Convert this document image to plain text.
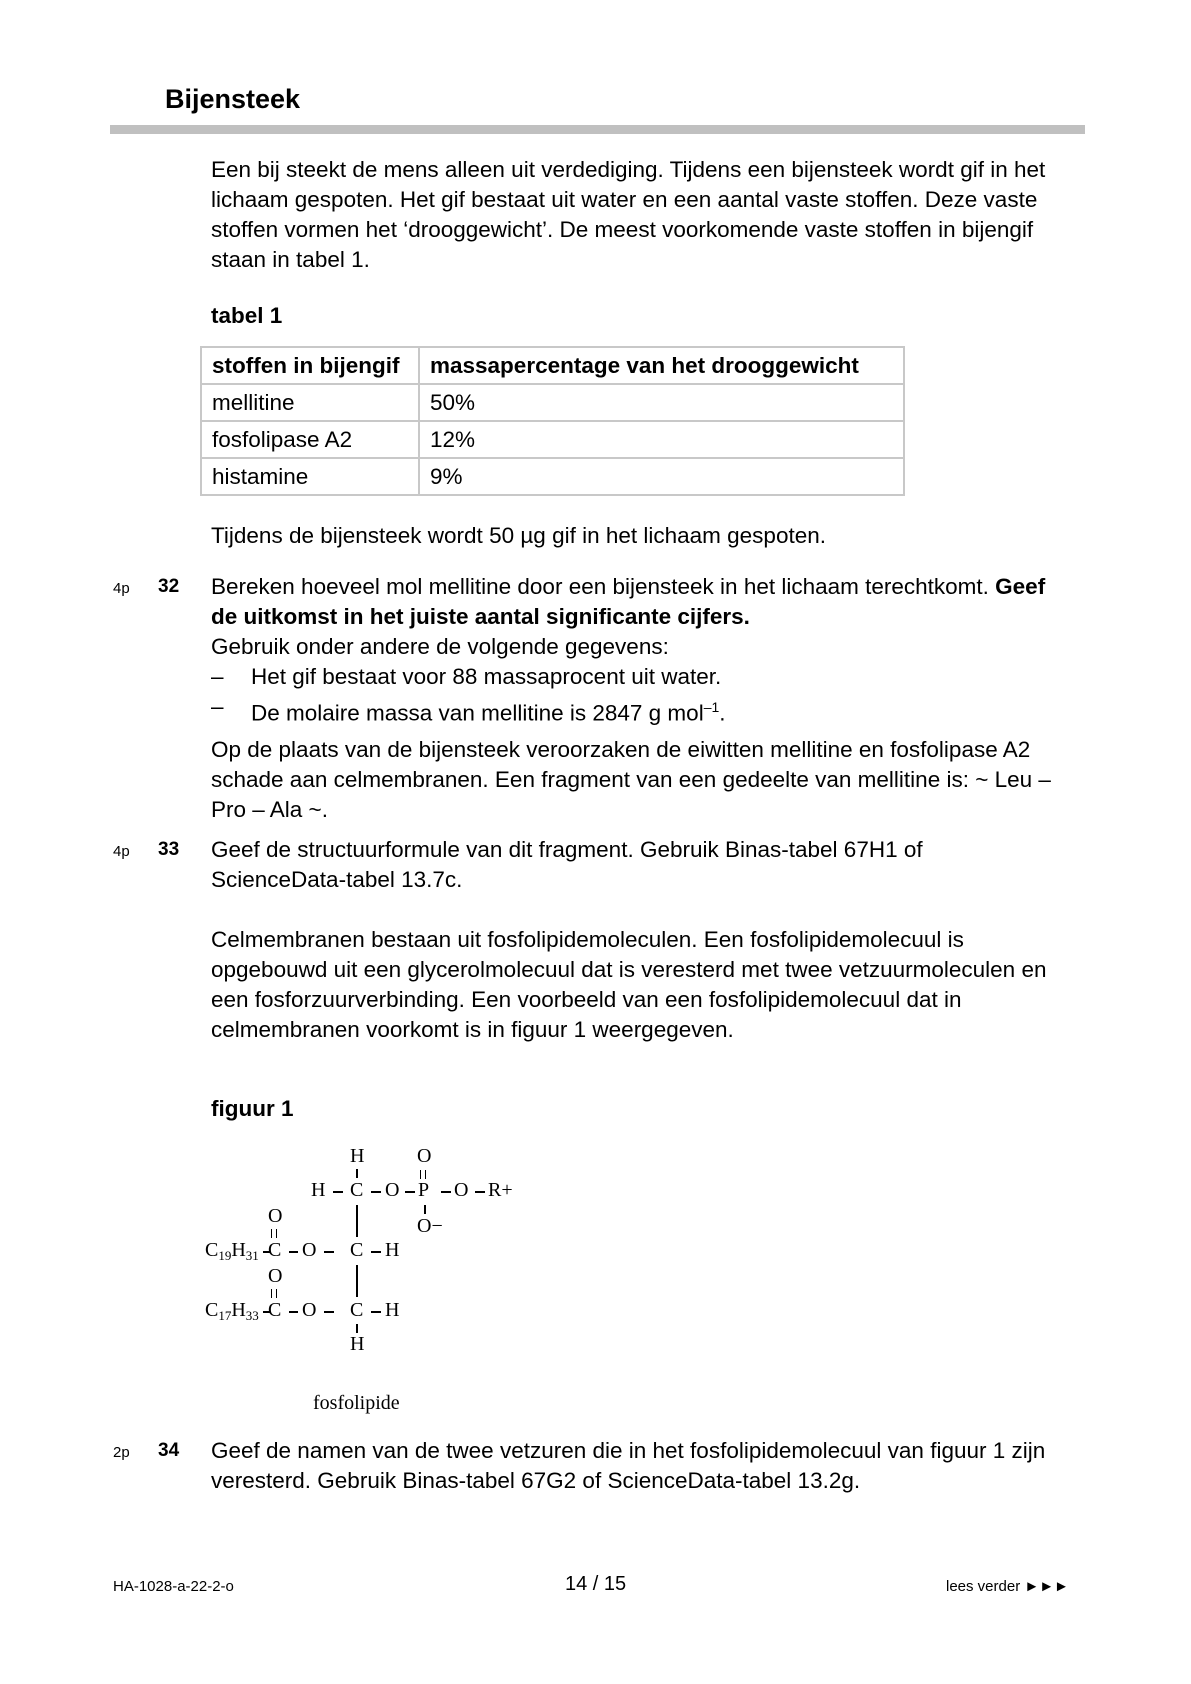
Bijensteek

Een bij steekt de mens alleen uit verdediging. Tijdens een bijensteek wordt gif in het lichaam gespoten. Het gif bestaat uit water en een aantal vaste stoffen. Deze vaste stoffen vormen het ‘drooggewicht’. De meest voorkomende vaste stoffen in bijengif staan in tabel 1.

tabel 1
stoffen in bijengif	massapercentage van het drooggewicht
mellitine	50%
fosfolipase A2	12%
histamine	9%
Tijdens de bijensteek wordt 50 µg gif in het lichaam gespoten.
4p 32 Bereken hoeveel mol mellitine door een bijensteek in het lichaam terechtkomt. Geef de uitkomst in het juiste aantal significante cijfers.
Gebruik onder andere de volgende gegevens:
– Het gif bestaat voor 88 massaprocent uit water.
– De molaire massa van mellitine is 2847 g mol$^{-1}$.
Op de plaats van de bijensteek veroorzaken de eiwitten mellitine en fosfolipase A2 schade aan celmembranen. Een fragment van een gedeelte van mellitine is: ~ Leu – Pro – Ala ~.
4p 33 Geef de structuurformule van dit fragment. Gebruik Binas-tabel 67H1 of ScienceData-tabel 13.7c.
Celmembranen bestaan uit fosfolipidemoleculen. Een fosfolipidemolecuul is opgebouwd uit een glycerolmolecuul dat is veresterd met twee vetzuurmoleculen en een fosforzuurverbinding. Een voorbeeld van een fosfolipidemolecuul dat in celmembranen voorkomt is in figuur 1 weergegeven.
figuur 1
H	O
H C O P O R+
O−
O
$C_{19}H_{31}$ C O C H
O
$C_{17}H_{33}$ C O C H
H
fosfolipide
2p 34 Geef de namen van de twee vetzuren die in het fosfolipidemolecuul van figuur 1 zijn veresterd. Gebruik Binas-tabel 67G2 of ScienceData-tabel 13.2g.
HA-1028-a-22-2-o	14 / 15	lees verder ►►►
